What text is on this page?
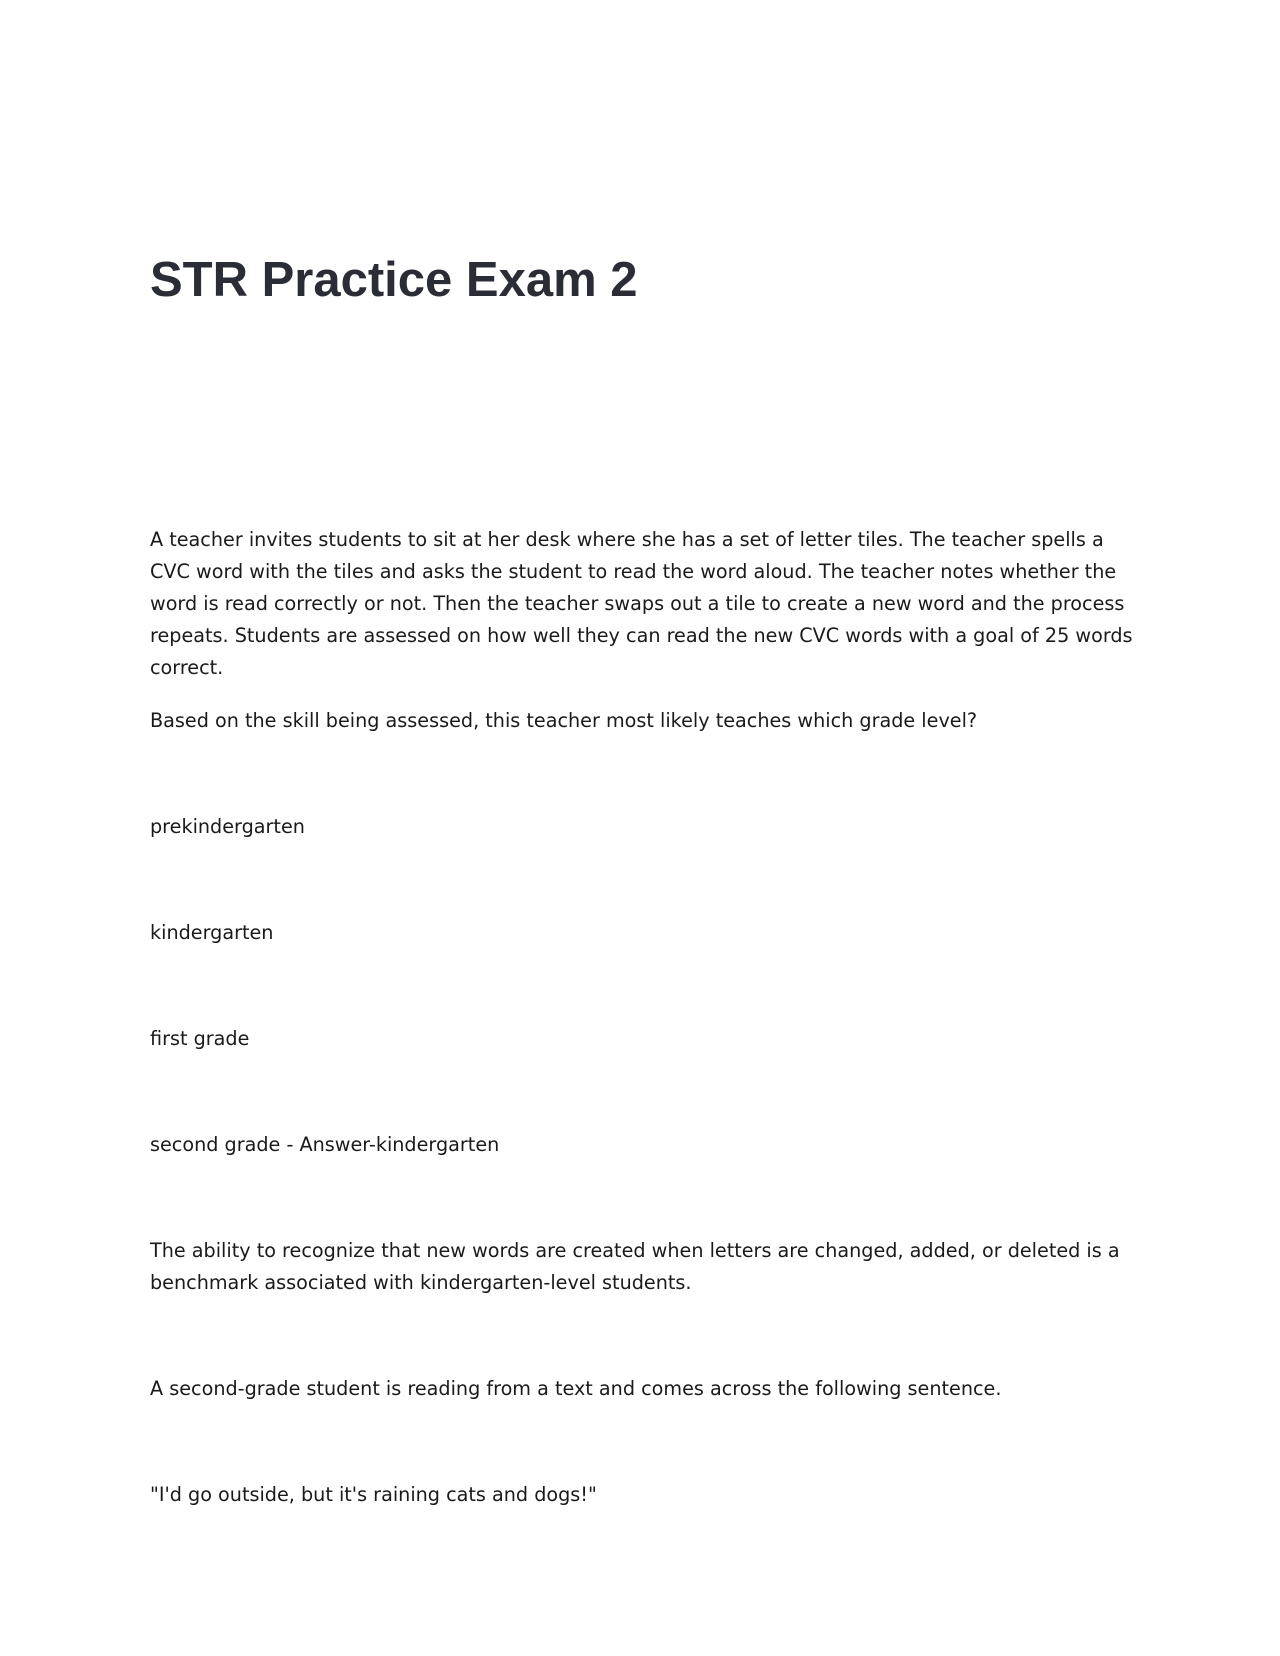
STR Practice Exam 2

A teacher invites students to sit at her desk where she has a set of letter tiles. The teacher spells a CVC word with the tiles and asks the student to read the word aloud. The teacher notes whether the word is read correctly or not. Then the teacher swaps out a tile to create a new word and the process repeats. Students are assessed on how well they can read the new CVC words with a goal of 25 words correct.

Based on the skill being assessed, this teacher most likely teaches which grade level?

prekindergarten

kindergarten

first grade

second grade - Answer-kindergarten

The ability to recognize that new words are created when letters are changed, added, or deleted is a benchmark associated with kindergarten-level students.

A second-grade student is reading from a text and comes across the following sentence.

"I'd go outside, but it's raining cats and dogs!"
